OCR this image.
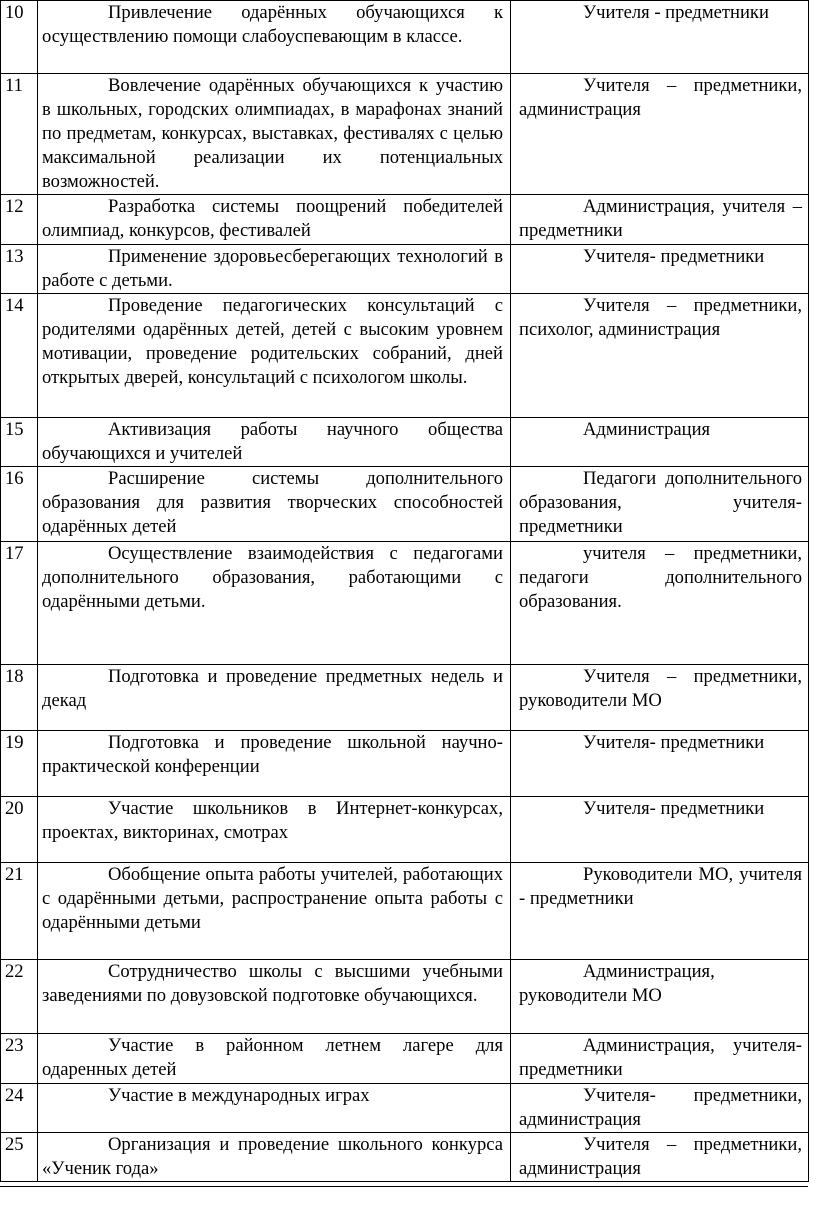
10	Привлечение одарённых обучающихся к осуществлению помощи слабоуспевающим в классе.	Учителя - предметники
11	Вовлечение одарённых обучающихся к участию в школьных, городских олимпиадах, в марафонах знаний по предметам, конкурсах, выставках, фестивалях с целью максимальной реализации их потенциальных возможностей.	Учителя – предметники, администрация
12	Разработка системы поощрений победителей олимпиад, конкурсов, фестивалей	Администрация, учителя – предметники
13	Применение здоровьесберегающих технологий в работе с детьми.	Учителя- предметники
14	Проведение педагогических консультаций с родителями одарённых детей, детей с высоким уровнем мотивации, проведение родительских собраний, дней открытых дверей, консультаций с психологом школы.	Учителя – предметники, психолог, администрация
15	Активизация работы научного общества обучающихся и учителей	Администрация
16	Расширение системы дополнительного образования для развития творческих способностей одарённых детей	Педагоги дополнительного образования, учителя- предметники
17	Осуществление взаимодействия с педагогами дополнительного образования, работающими с одарёнными детьми.	учителя – предметники, педагоги дополнительного образования.
18	Подготовка и проведение предметных недель и декад	Учителя – предметники, руководители МО
19	Подготовка и проведение школьной научно-практической конференции	Учителя- предметники
20	Участие школьников в Интернет-конкурсах, проектах, викторинах, смотрах	Учителя- предметники
21	Обобщение опыта работы учителей, работающих с одарёнными детьми, распространение опыта работы с одарёнными детьми	Руководители МО, учителя - предметники
22	Сотрудничество школы с высшими учебными заведениями по довузовской подготовке обучающихся.	Администрация, руководители МО
23	Участие в районном летнем лагере для одаренных детей	Администрация, учителя- предметники
24	Участие в международных играх	Учителя- предметники, администрация
25	Организация и проведение школьного конкурса «Ученик года»	Учителя – предметники, администрация
